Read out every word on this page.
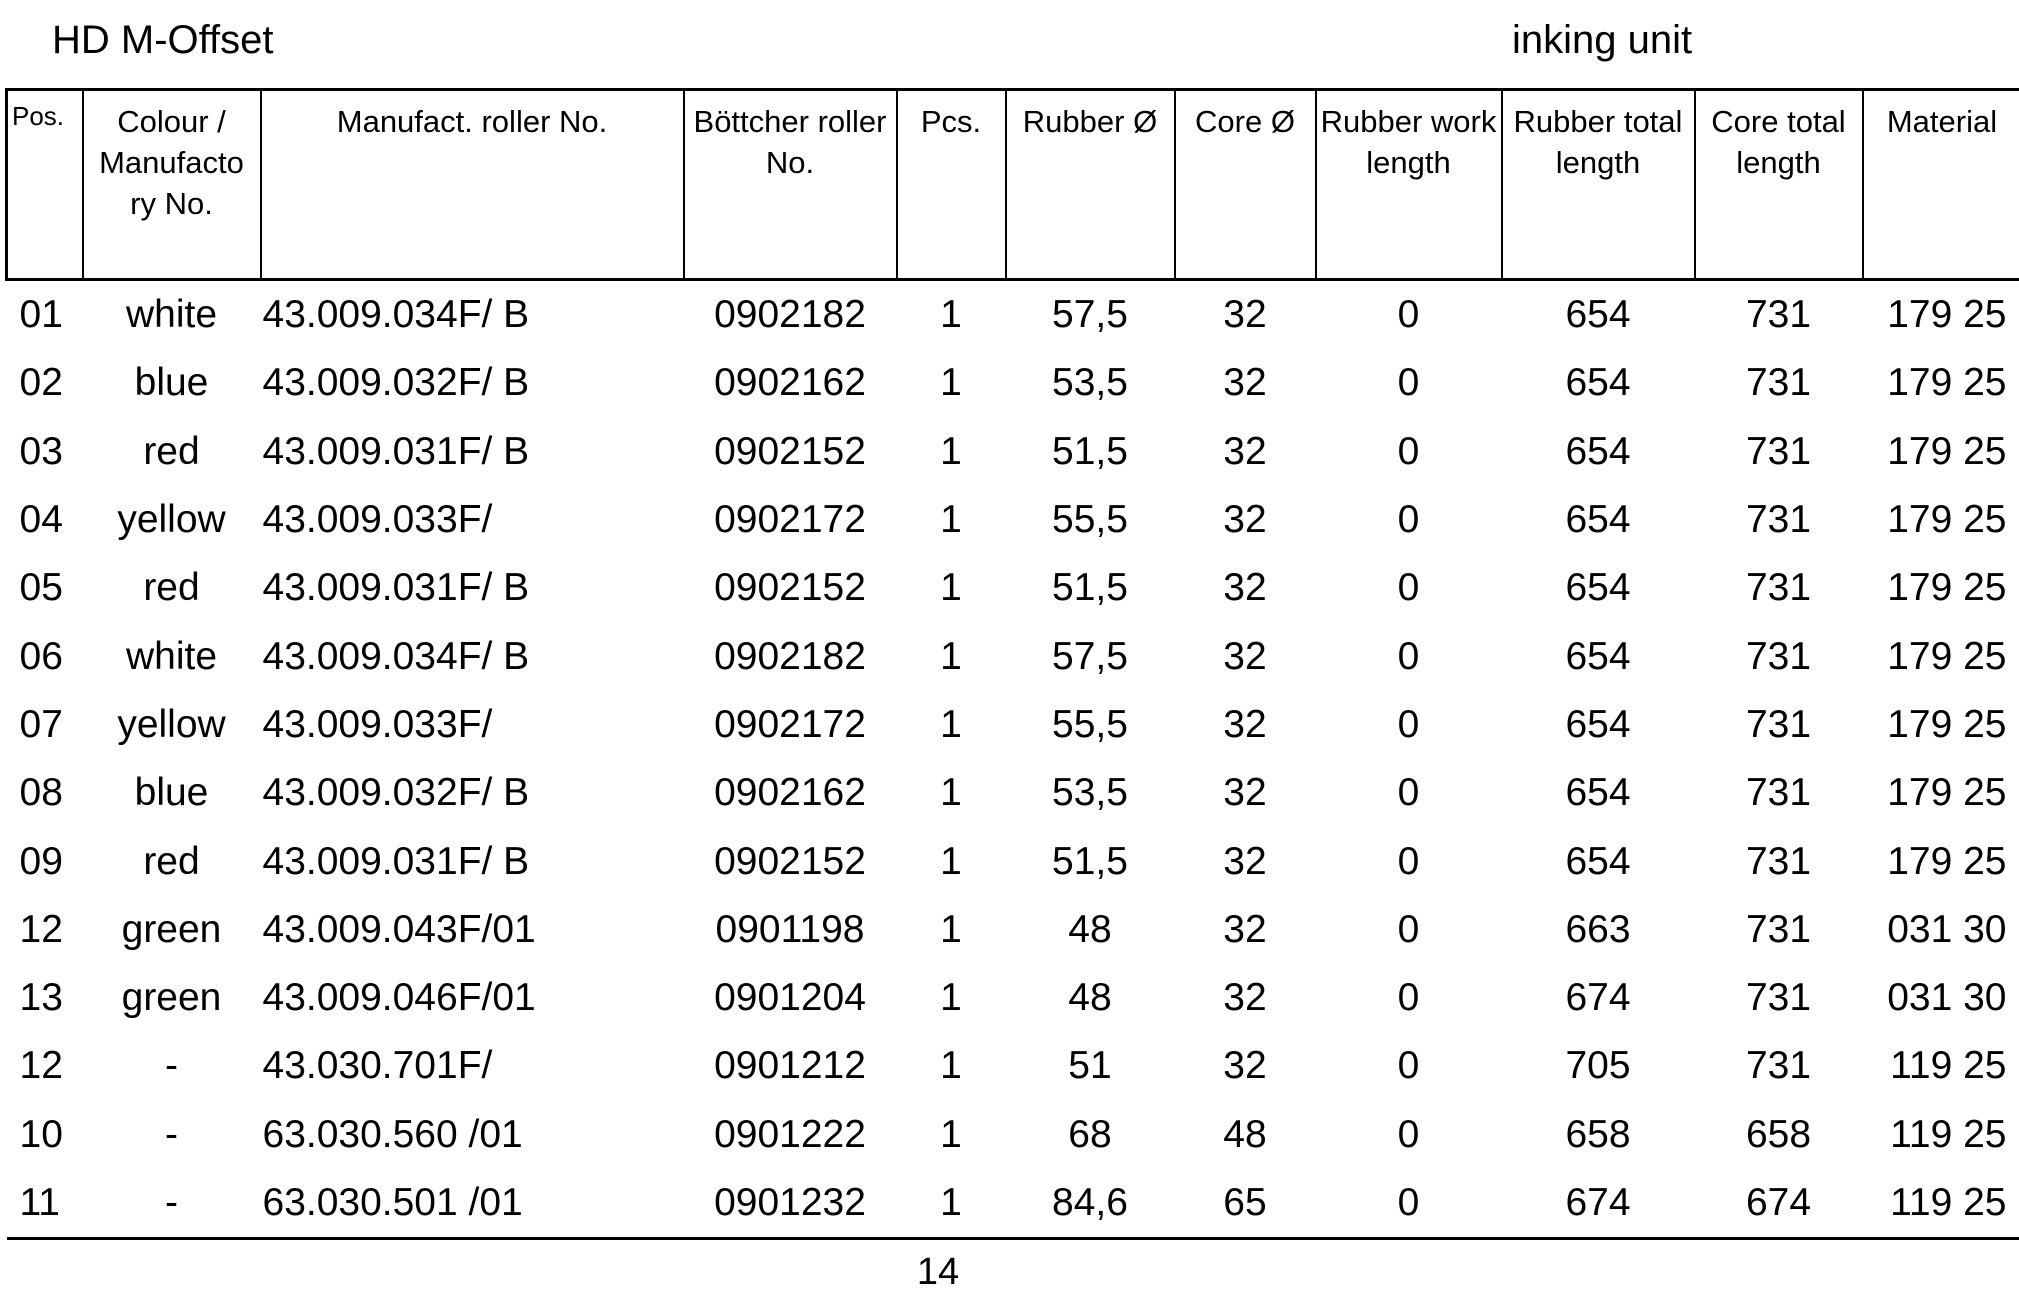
HD M-Offset	inking unit
Pos.	Colour / Manufacto ry No.	Manufact. roller No.	Böttcher roller No.	Pcs.	Rubber Ø	Core Ø	Rubber work length	Rubber total length	Core total length	Material
01	white	43.009.034F/ B	0902182	1	57,5	32	0	654	731	179 25
02	blue	43.009.032F/ B	0902162	1	53,5	32	0	654	731	179 25
03	red	43.009.031F/ B	0902152	1	51,5	32	0	654	731	179 25
04	yellow	43.009.033F/	0902172	1	55,5	32	0	654	731	179 25
05	red	43.009.031F/ B	0902152	1	51,5	32	0	654	731	179 25
06	white	43.009.034F/ B	0902182	1	57,5	32	0	654	731	179 25
07	yellow	43.009.033F/	0902172	1	55,5	32	0	654	731	179 25
08	blue	43.009.032F/ B	0902162	1	53,5	32	0	654	731	179 25
09	red	43.009.031F/ B	0902152	1	51,5	32	0	654	731	179 25
12	green	43.009.043F/01	0901198	1	48	32	0	663	731	031 30
13	green	43.009.046F/01	0901204	1	48	32	0	674	731	031 30
12	-	43.030.701F/	0901212	1	51	32	0	705	731	119 25
10	-	63.030.560 /01	0901222	1	68	48	0	658	658	119 25
11	-	63.030.501 /01	0901232	1	84,6	65	0	674	674	119 25
14
